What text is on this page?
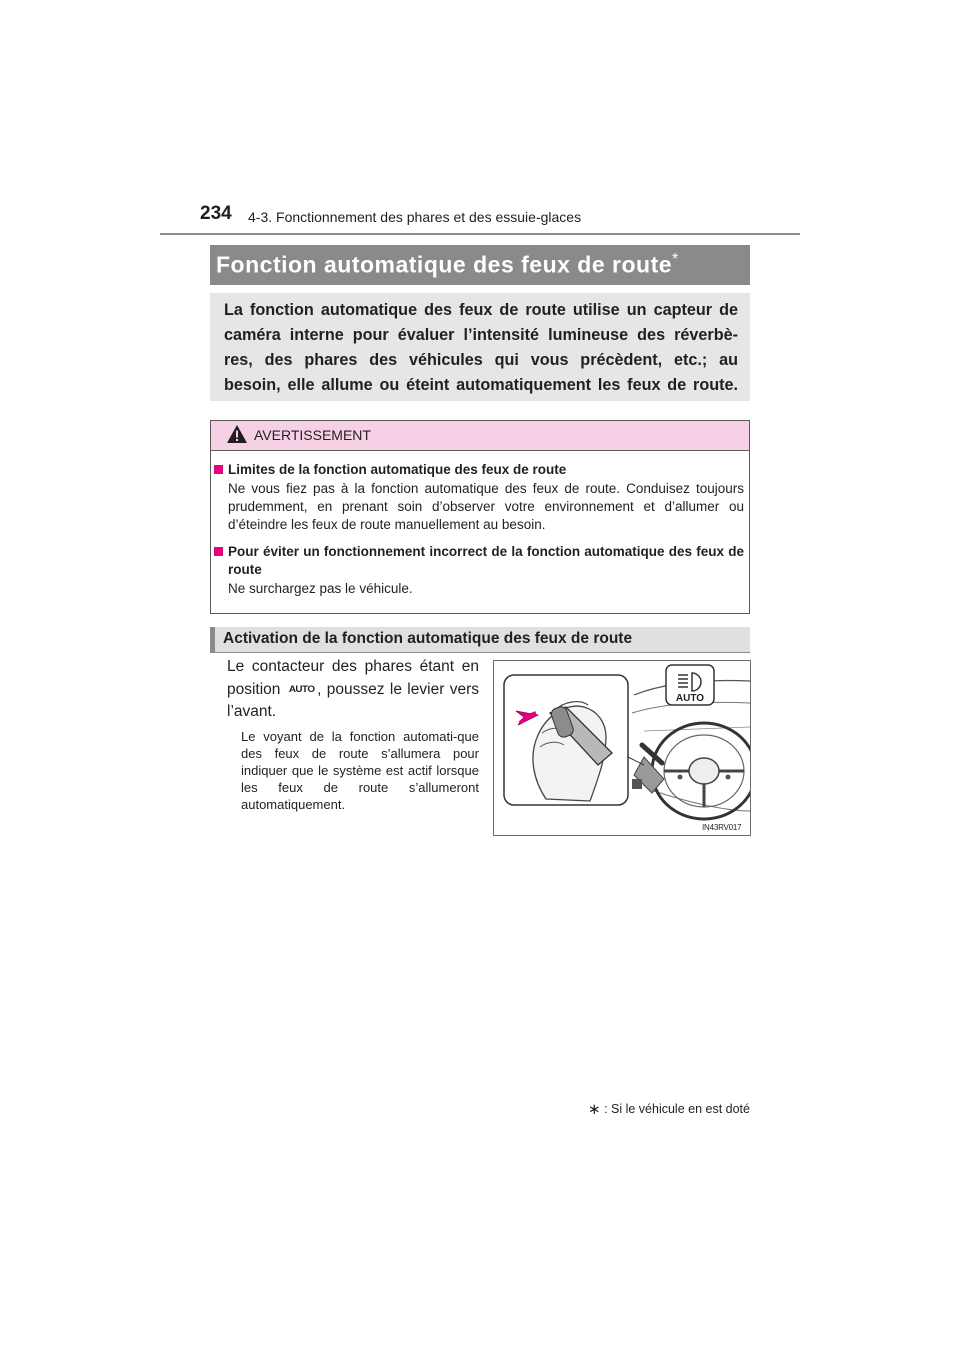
234 4-3. Fonctionnement des phares et des essuie-glaces
Fonction automatique des feux de route*
La fonction automatique des feux de route utilise un capteur de
caméra interne pour évaluer l’intensité lumineuse des réverbè-
res, des phares des véhicules qui vous précèdent, etc.; au
besoin, elle allume ou éteint automatiquement les feux de route.
AVERTISSEMENT
Limites de la fonction automatique des feux de route
Ne vous fiez pas à la fonction automatique des feux de route. Conduisez toujours prudemment, en prenant soin d’observer votre environnement et d’allumer ou d’éteindre les feux de route manuellement au besoin.
Pour éviter un fonctionnement incorrect de la fonction automatique des feux de route
Ne surchargez pas le véhicule.
Activation de la fonction automatique des feux de route
Le contacteur des phares étant en position AUTO , poussez le levier vers l’avant.
Le voyant de la fonction automati-que des feux de route s’allumera pour indiquer que le système est actif lorsque les feux de route s’allumeront automatiquement.
AUTO
IN43RV017
∗ : Si le véhicule en est doté
